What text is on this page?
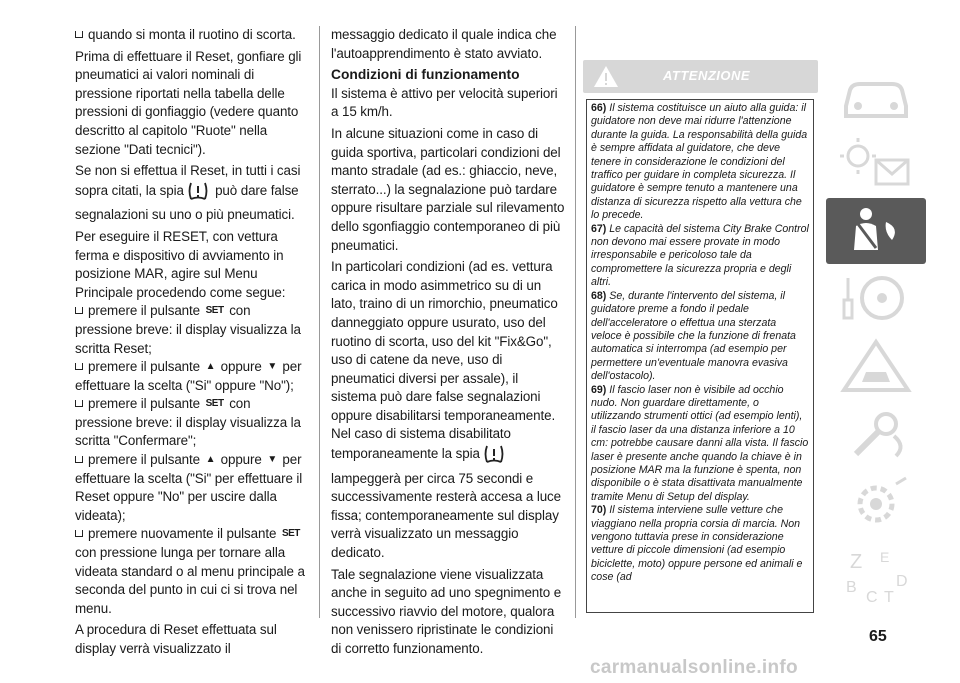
quando si monta il ruotino di scorta.

Prima di effettuare il Reset, gonfiare gli pneumatici ai valori nominali di pressione riportati nella tabella delle pressioni di gonfiaggio (vedere quanto descritto al capitolo "Ruote" nella sezione "Dati tecnici").

Se non si effettua il Reset, in tutti i casi sopra citati, la spia può dare false segnalazioni su uno o più pneumatici.

Per eseguire il RESET, con vettura ferma e dispositivo di avviamento in posizione MAR, agire sul Menu Principale procedendo come segue:

premere il pulsante SET con pressione breve: il display visualizza la scritta Reset;

premere il pulsante ▲ oppure ▼ per effettuare la scelta ("Si" oppure "No");

premere il pulsante SET con pressione breve: il display visualizza la scritta "Confermare";

premere il pulsante ▲ oppure ▼ per effettuare la scelta ("Si" per effettuare il Reset oppure "No" per uscire dalla videata);

premere nuovamente il pulsante SET con pressione lunga per tornare alla videata standard o al menu principale a seconda del punto in cui ci si trova nel menu.

A procedura di Reset effettuata sul display verrà visualizzato il

messaggio dedicato il quale indica che l'autoapprendimento è stato avviato.

Condizioni di funzionamento

Il sistema è attivo per velocità superiori a 15 km/h.

In alcune situazioni come in caso di guida sportiva, particolari condizioni del manto stradale (ad es.: ghiaccio, neve, sterrato...) la segnalazione può tardare oppure risultare parziale sul rilevamento dello sgonfiaggio contemporaneo di più pneumatici.

In particolari condizioni (ad es. vettura carica in modo asimmetrico su di un lato, traino di un rimorchio, pneumatico danneggiato oppure usurato, uso del ruotino di scorta, uso del kit "Fix&Go", uso di catene da neve, uso di pneumatici diversi per assale), il sistema può dare false segnalazioni oppure disabilitarsi temporaneamente. Nel caso di sistema disabilitato temporaneamente la spia  lampeggerà per circa 75 secondi e successivamente resterà accesa a luce fissa; contemporaneamente sul display verrà visualizzato un messaggio dedicato.

Tale segnalazione viene visualizzata anche in seguito ad uno spegnimento e successivo riavvio del motore, qualora non venissero ripristinate le condizioni di corretto funzionamento.

ATTENZIONE

66) Il sistema costituisce un aiuto alla guida: il guidatore non deve mai ridurre l'attenzione durante la guida. La responsabilità della guida è sempre affidata al guidatore, che deve tenere in considerazione le condizioni del traffico per guidare in completa sicurezza. Il guidatore è sempre tenuto a mantenere una distanza di sicurezza rispetto alla vettura che lo precede.

67) Le capacità del sistema City Brake Control non devono mai essere provate in modo irresponsabile e pericoloso tale da compromettere la sicurezza propria e degli altri.

68) Se, durante l'intervento del sistema, il guidatore preme a fondo il pedale dell'acceleratore o effettua una sterzata veloce è possibile che la funzione di frenata automatica si interrompa (ad esempio per permettere un'eventuale manovra evasiva dell'ostacolo).

69) Il fascio laser non è visibile ad occhio nudo. Non guardare direttamente, o utilizzando strumenti ottici (ad esempio lenti), il fascio laser da una distanza inferiore a 10 cm: potrebbe causare danni alla vista. Il fascio laser è presente anche quando la chiave è in posizione MAR ma la funzione è spenta, non disponibile o è stata disattivata manualmente tramite Menu di Setup del display.

70) Il sistema interviene sulle vetture che viaggiano nella propria corsia di marcia. Non vengono tuttavia prese in considerazione vetture di piccole dimensioni (ad esempio biciclette, moto) oppure persone ed animali e cose (ad

Z E
B
C T
D
65
carmanualsonline.info
